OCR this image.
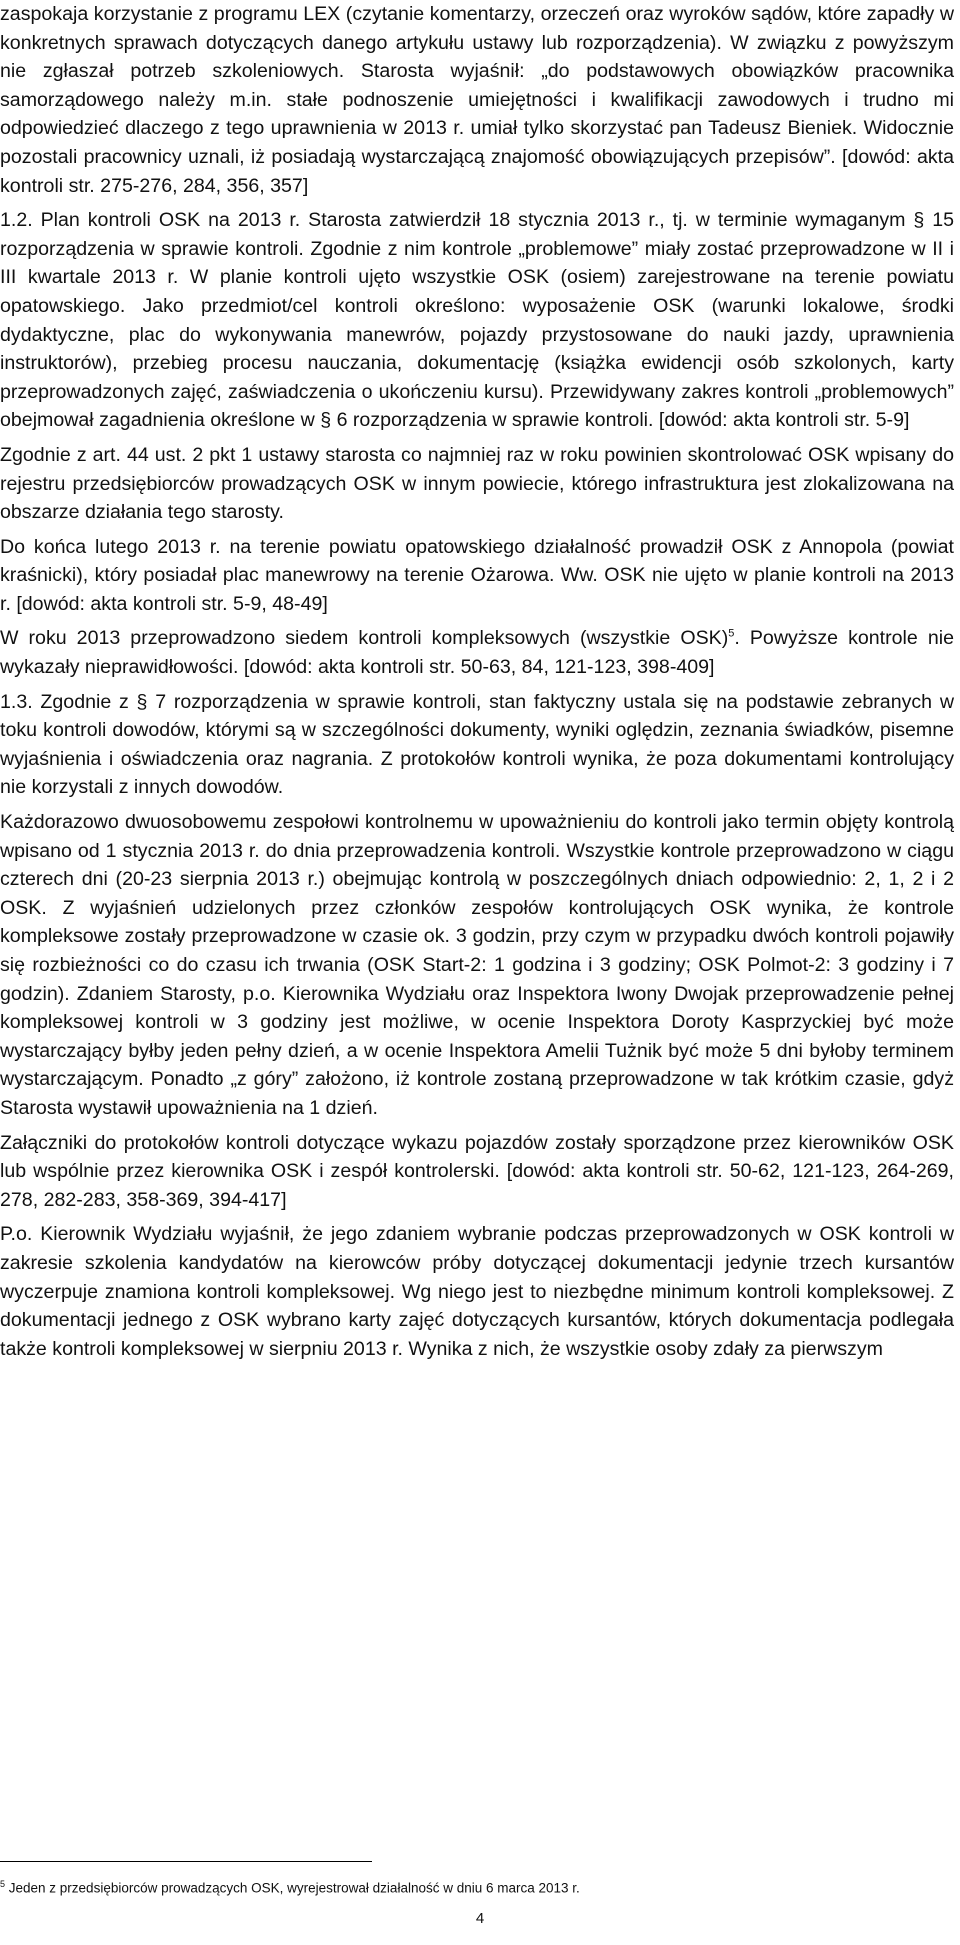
zaspokaja korzystanie z programu LEX (czytanie komentarzy, orzeczeń oraz wyroków sądów, które zapadły w konkretnych sprawach dotyczących danego artykułu ustawy lub rozporządzenia). W związku z powyższym nie zgłaszał potrzeb szkoleniowych. Starosta wyjaśnił: „do podstawowych obowiązków pracownika samorządowego należy m.in. stałe podnoszenie umiejętności i kwalifikacji zawodowych i trudno mi odpowiedzieć dlaczego z tego uprawnienia w 2013 r. umiał tylko skorzystać pan Tadeusz Bieniek. Widocznie pozostali pracownicy uznali, iż posiadają wystarczającą znajomość obowiązujących przepisów”. [dowód: akta kontroli str. 275-276, 284, 356, 357]

1.2. Plan kontroli OSK na 2013 r. Starosta zatwierdził 18 stycznia 2013 r., tj. w terminie wymaganym § 15 rozporządzenia w sprawie kontroli. Zgodnie z nim kontrole „problemowe” miały zostać przeprowadzone w II i III kwartale 2013 r. W planie kontroli ujęto wszystkie OSK (osiem) zarejestrowane na terenie powiatu opatowskiego. Jako przedmiot/cel kontroli określono: wyposażenie OSK (warunki lokalowe, środki dydaktyczne, plac do wykonywania manewrów, pojazdy przystosowane do nauki jazdy, uprawnienia instruktorów), przebieg procesu nauczania, dokumentację (książka ewidencji osób szkolonych, karty przeprowadzonych zajęć, zaświadczenia o ukończeniu kursu). Przewidywany zakres kontroli „problemowych” obejmował zagadnienia określone w § 6 rozporządzenia w sprawie kontroli. [dowód: akta kontroli str. 5-9]

Zgodnie z art. 44 ust. 2 pkt 1 ustawy starosta co najmniej raz w roku powinien skontrolować OSK wpisany do rejestru przedsiębiorców prowadzących OSK w innym powiecie, którego infrastruktura jest zlokalizowana na obszarze działania tego starosty.

Do końca lutego 2013 r. na terenie powiatu opatowskiego działalność prowadził OSK z Annopola (powiat kraśnicki), który posiadał plac manewrowy na terenie Ożarowa. Ww. OSK nie ujęto w planie kontroli na 2013 r. [dowód: akta kontroli str. 5-9, 48-49]

W roku 2013 przeprowadzono siedem kontroli kompleksowych (wszystkie OSK)$^5$. Powyższe kontrole nie wykazały nieprawidłowości. [dowód: akta kontroli str. 50-63, 84, 121-123, 398-409]

1.3. Zgodnie z § 7 rozporządzenia w sprawie kontroli, stan faktyczny ustala się na podstawie zebranych w toku kontroli dowodów, którymi są w szczególności dokumenty, wyniki oględzin, zeznania świadków, pisemne wyjaśnienia i oświadczenia oraz nagrania. Z protokołów kontroli wynika, że poza dokumentami kontrolujący nie korzystali z innych dowodów.

Każdorazowo dwuosobowemu zespołowi kontrolnemu w upoważnieniu do kontroli jako termin objęty kontrolą wpisano od 1 stycznia 2013 r. do dnia przeprowadzenia kontroli. Wszystkie kontrole przeprowadzono w ciągu czterech dni (20-23 sierpnia 2013 r.) obejmując kontrolą w poszczególnych dniach odpowiednio: 2, 1, 2 i 2 OSK. Z wyjaśnień udzielonych przez członków zespołów kontrolujących OSK wynika, że kontrole kompleksowe zostały przeprowadzone w czasie ok. 3 godzin, przy czym w przypadku dwóch kontroli pojawiły się rozbieżności co do czasu ich trwania (OSK Start-2: 1 godzina i 3 godziny; OSK Polmot-2: 3 godziny i 7 godzin). Zdaniem Starosty, p.o. Kierownika Wydziału oraz Inspektora Iwony Dwojak przeprowadzenie pełnej kompleksowej kontroli w 3 godziny jest możliwe, w ocenie Inspektora Doroty Kasprzyckiej być może wystarczający byłby jeden pełny dzień, a w ocenie Inspektora Amelii Tużnik być może 5 dni byłoby terminem wystarczającym. Ponadto „z góry” założono, iż kontrole zostaną przeprowadzone w tak krótkim czasie, gdyż Starosta wystawił upoważnienia na 1 dzień.

Załączniki do protokołów kontroli dotyczące wykazu pojazdów zostały sporządzone przez kierowników OSK lub wspólnie przez kierownika OSK i zespół kontrolerski. [dowód: akta kontroli str. 50-62, 121-123, 264-269, 278, 282-283, 358-369, 394-417]

P.o. Kierownik Wydziału wyjaśnił, że jego zdaniem wybranie podczas przeprowadzonych w OSK kontroli w zakresie szkolenia kandydatów na kierowców próby dotyczącej dokumentacji jedynie trzech kursantów wyczerpuje znamiona kontroli kompleksowej. Wg niego jest to niezbędne minimum kontroli kompleksowej. Z dokumentacji jednego z OSK wybrano karty zajęć dotyczących kursantów, których dokumentacja podlegała także kontroli kompleksowej w sierpniu 2013 r. Wynika z nich, że wszystkie osoby zdały za pierwszym

$^5$ Jeden z przedsiębiorców prowadzących OSK, wyrejestrował działalność w dniu 6 marca 2013 r.
4
